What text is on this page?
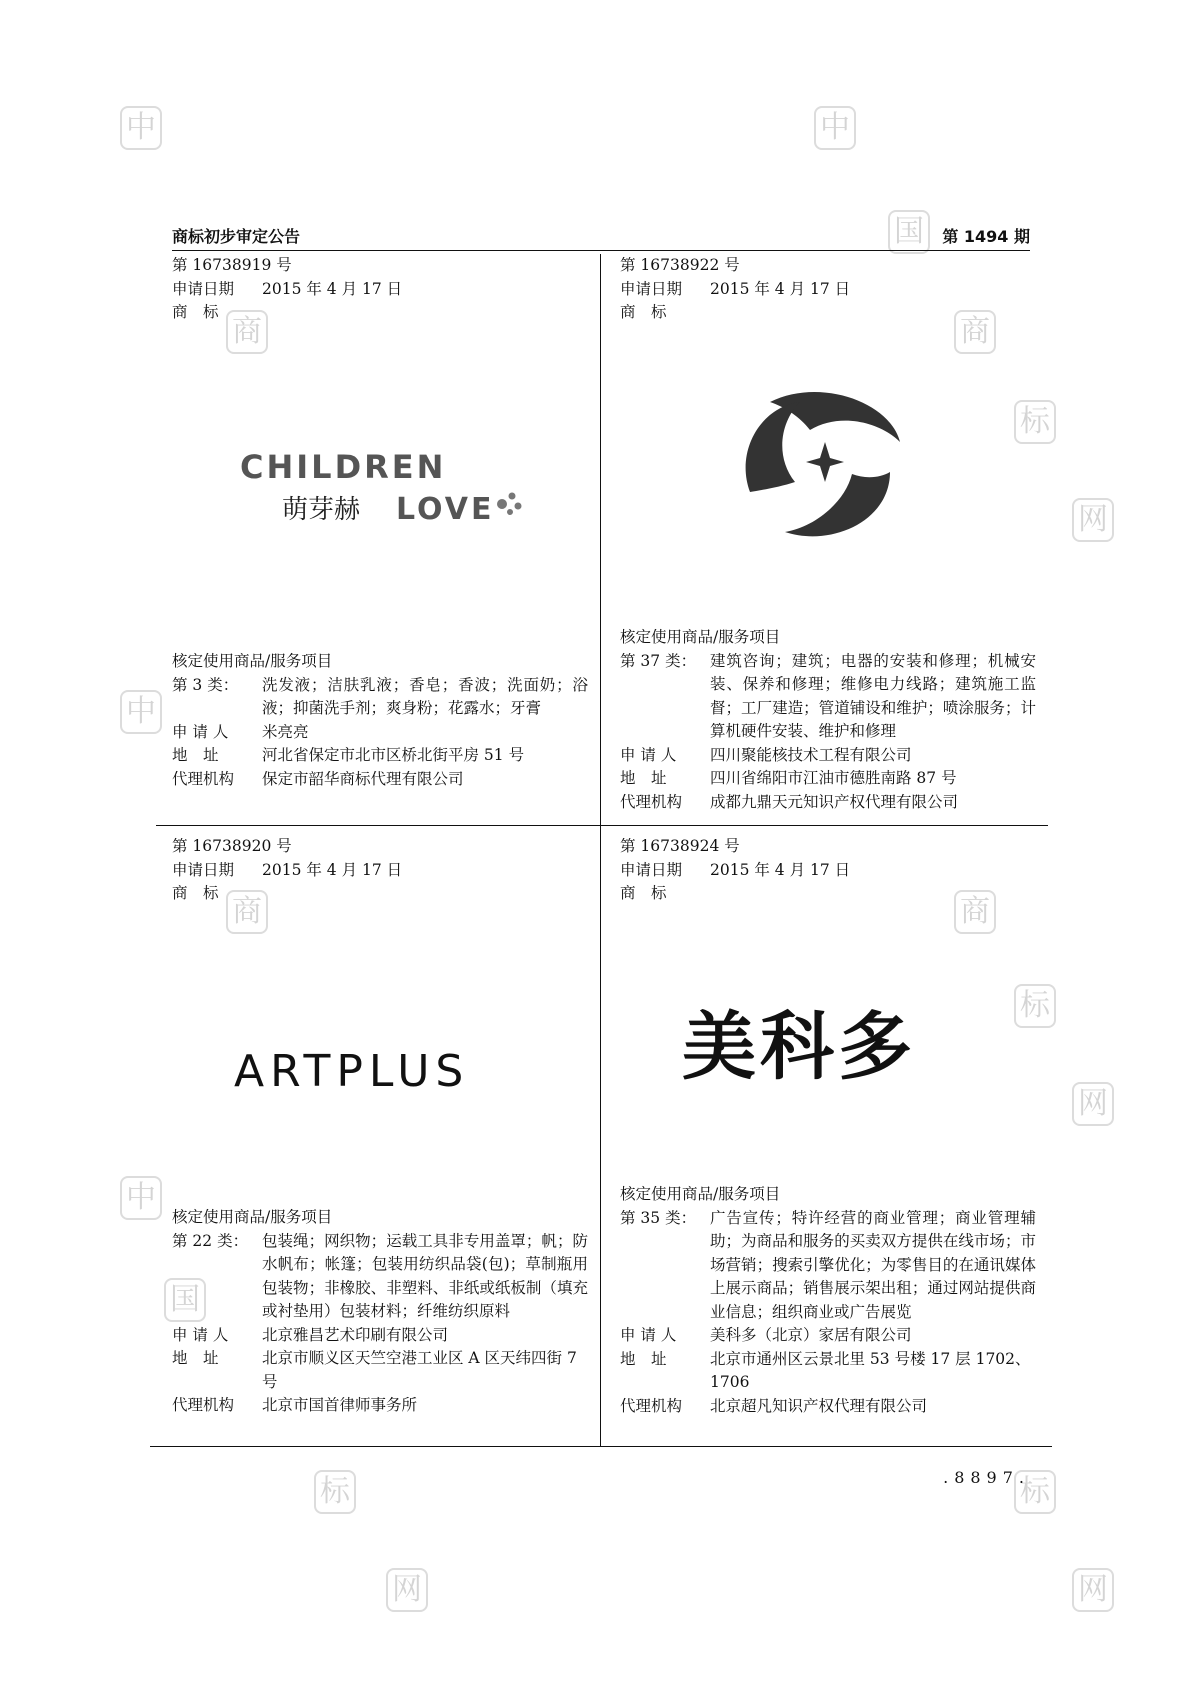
中	中
国
商	商
标
网
中
商	商
标
网
中
国
标	标
网	网
商标初步审定公告	第 1494 期
第 16738919 号
申请日期	2015 年 4 月 17 日
商　标
CHILDREN
萌芽赫 LOVE
核定使用商品/服务项目
第 3 类：	洗发液；洁肤乳液；香皂；香波；洗面奶；浴液；抑菌洗手剂；爽身粉；花露水；牙膏
申 请 人	米亮亮
地　址	河北省保定市北市区桥北街平房 51 号
代理机构	保定市韶华商标代理有限公司
第 16738922 号
申请日期	2015 年 4 月 17 日
商　标
核定使用商品/服务项目
第 37 类： 建筑咨询；建筑；电器的安装和修理；机械安装、保养和修理；维修电力线路；建筑施工监督；工厂建造；管道铺设和维护；喷涂服务；计算机硬件安装、维护和修理
申 请 人	四川聚能核技术工程有限公司
地　址	四川省绵阳市江油市德胜南路 87 号
代理机构	成都九鼎天元知识产权代理有限公司
第 16738920 号
申请日期	2015 年 4 月 17 日
商　标
ARTPLUS
核定使用商品/服务项目
第 22 类： 包装绳；网织物；运载工具非专用盖罩；帆；防水帆布；帐篷；包装用纺织品袋(包)；草制瓶用包装物；非橡胶、非塑料、非纸或纸板制（填充或衬垫用）包装材料；纤维纺织原料
申 请 人	北京雅昌艺术印刷有限公司
地　址	北京市顺义区天竺空港工业区 A 区天纬四街 7 号
代理机构	北京市国首律师事务所
第 16738924 号
申请日期	2015 年 4 月 17 日
商　标
美科多
核定使用商品/服务项目
第 35 类： 广告宣传；特许经营的商业管理；商业管理辅助；为商品和服务的买卖双方提供在线市场；市场营销；搜索引擎优化；为零售目的在通讯媒体上展示商品；销售展示架出租；通过网站提供商业信息；组织商业或广告展览
申 请 人	美科多（北京）家居有限公司
地　址	北京市通州区云景北里 53 号楼 17 层 1702、1706
代理机构	北京超凡知识产权代理有限公司
.8897.
